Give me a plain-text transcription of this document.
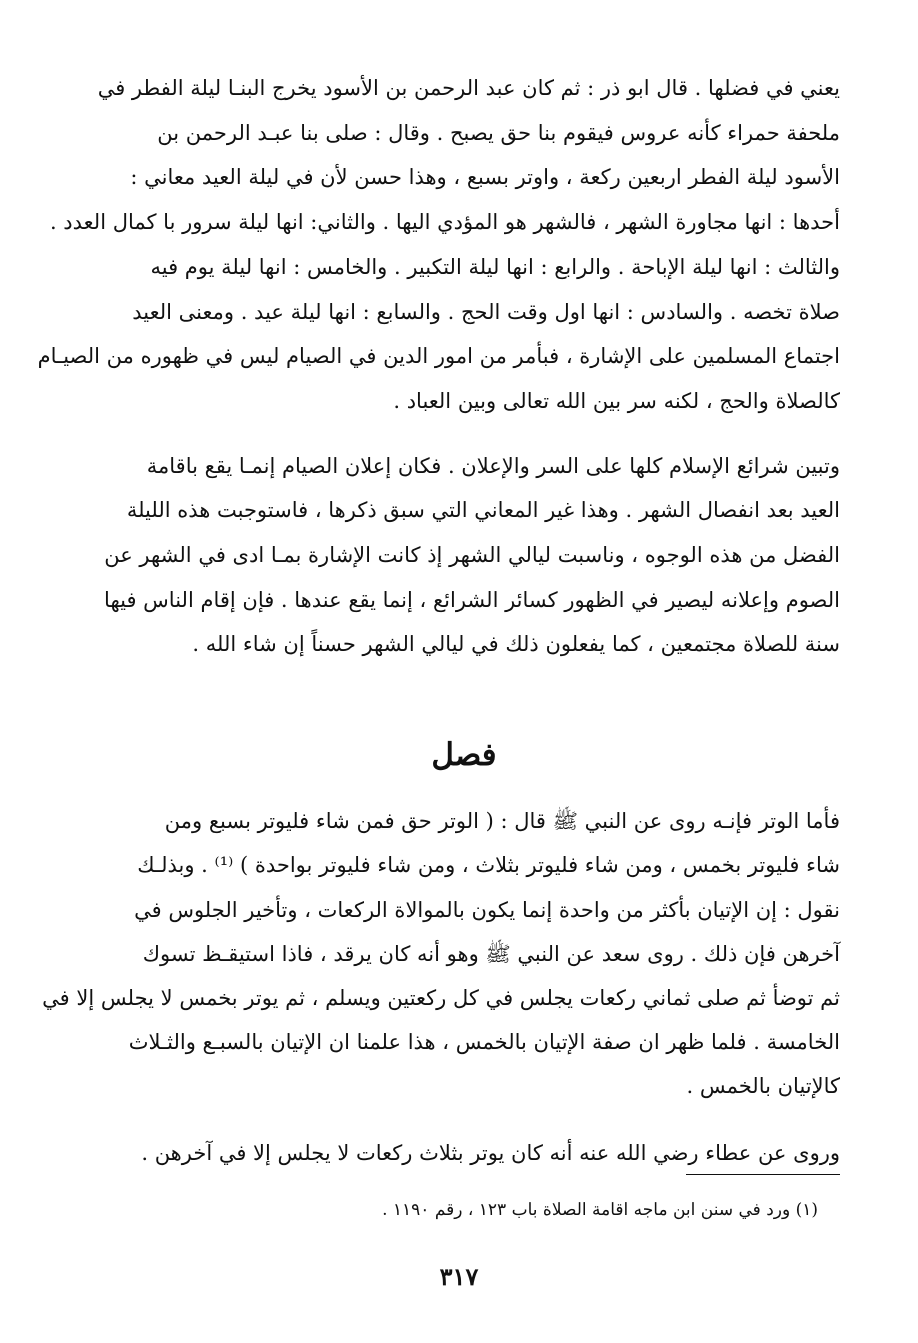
يعني في فضلها . قال ابو ذر : ثم كان عبد الرحمن بن الأسود يخرج البنـا ليلة الفطر في

ملحفة حمراء كأنه عروس فيقوم بنا حق يصبح . وقال : صلى بنا عبـد الرحمن بن

الأسود ليلة الفطر اربعين ركعة ، واوتر بسبع ، وهذا حسن لأن في ليلة العيد معاني :

أحدها : انها مجاورة الشهر ، فالشهر هو المؤدي اليها . والثاني: انها ليلة سرور با كمال العدد .

والثالث : انها ليلة الإباحة . والرابع : انها ليلة التكبير . والخامس : انها ليلة يوم فيه

صلاة تخصه . والسادس : انها اول وقت الحج . والسابع : انها ليلة عيد . ومعنى العيد

اجتماع المسلمين على الإشارة ، فبأمر من امور الدين في الصيام ليس في ظهوره من الصيـام

كالصلاة والحج ، لكنه سر بين الله تعالى وبين العباد .

وتبين شرائع الإسلام كلها على السر والإعلان . فكان إعلان الصيام إنمـا يقع باقامة

العيد بعد انفصال الشهر . وهذا غير المعاني التي سبق ذكرها ، فاستوجبت هذه الليلة

الفضل من هذه الوجوه ، وناسبت ليالي الشهر إذ كانت الإشارة بمـا ادى في الشهر عن

الصوم وإعلانه ليصير في الظهور كسائر الشرائع ، إنما يقع عندها . فإن إقام الناس فيها

سنة للصلاة مجتمعين ، كما يفعلون ذلك في ليالي الشهر حسناً إن شاء الله .

فصل

فأما الوتر فإنـه روى عن النبي ﷺ قال : ( الوتر حق فمن شاء فليوتر بسبع ومن

شاء فليوتر بخمس ، ومن شاء فليوتر بثلاث ، ومن شاء فليوتر بواحدة ) ⁽¹⁾ . وبذلـك

نقول : إن الإتيان بأكثر من واحدة إنما يكون بالموالاة الركعات ، وتأخير الجلوس في

آخرهن فإن ذلك . روى سعد عن النبي ﷺ وهو أنه كان يرقد ، فاذا استيقـظ تسوك

ثم توضأ ثم صلى ثماني ركعات يجلس في كل ركعتين ويسلم ، ثم يوتر بخمس لا يجلس إلا في

الخامسة . فلما ظهر ان صفة الإتيان بالخمس ، هذا علمنا ان الإتيان بالسبـع والثـلاث

كالإتيان بالخمس .

وروى عن عطاء رضي الله عنه أنه كان يوتر بثلاث ركعات لا يجلس إلا في آخرهن .

(١) ورد في سنن ابن ماجه اقامة الصلاة باب ١٢٣ ، رقم ١١٩٠ .
٣١٧
